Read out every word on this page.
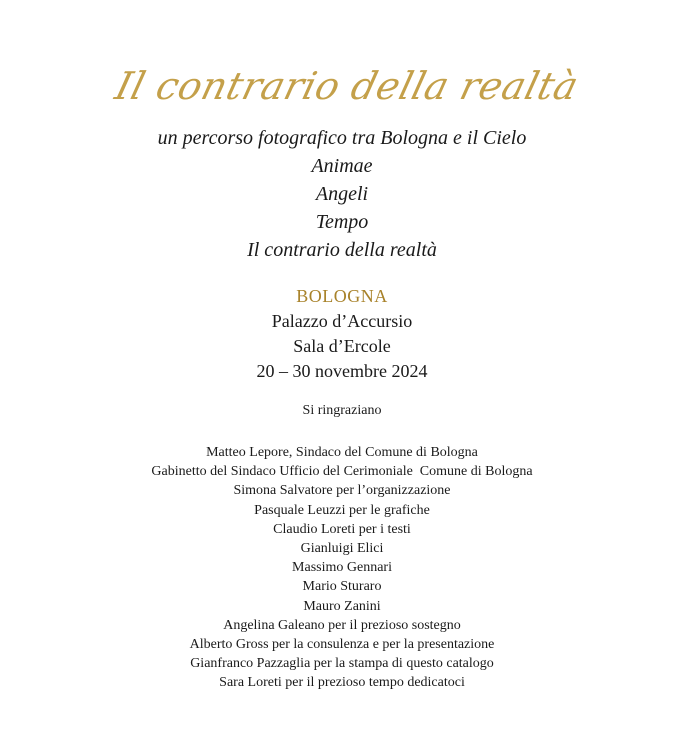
Il contrario della realtà
un percorso fotografico tra Bologna e il Cielo
Animae
Angeli
Tempo
Il contrario della realtà
BOLOGNA
Palazzo d’Accursio
Sala d’Ercole
20 – 30 novembre 2024
Si ringraziano
Matteo Lepore, Sindaco del Comune di Bologna
Gabinetto del Sindaco Ufficio del Cerimoniale  Comune di Bologna
Simona Salvatore per l’organizzazione
Pasquale Leuzzi per le grafiche
Claudio Loreti per i testi
Gianluigi Elici
Massimo Gennari
Mario Sturaro
Mauro Zanini
Angelina Galeano per il prezioso sostegno
Alberto Gross per la consulenza e per la presentazione
Gianfranco Pazzaglia per la stampa di questo catalogo
Sara Loreti per il prezioso tempo dedicatoci
